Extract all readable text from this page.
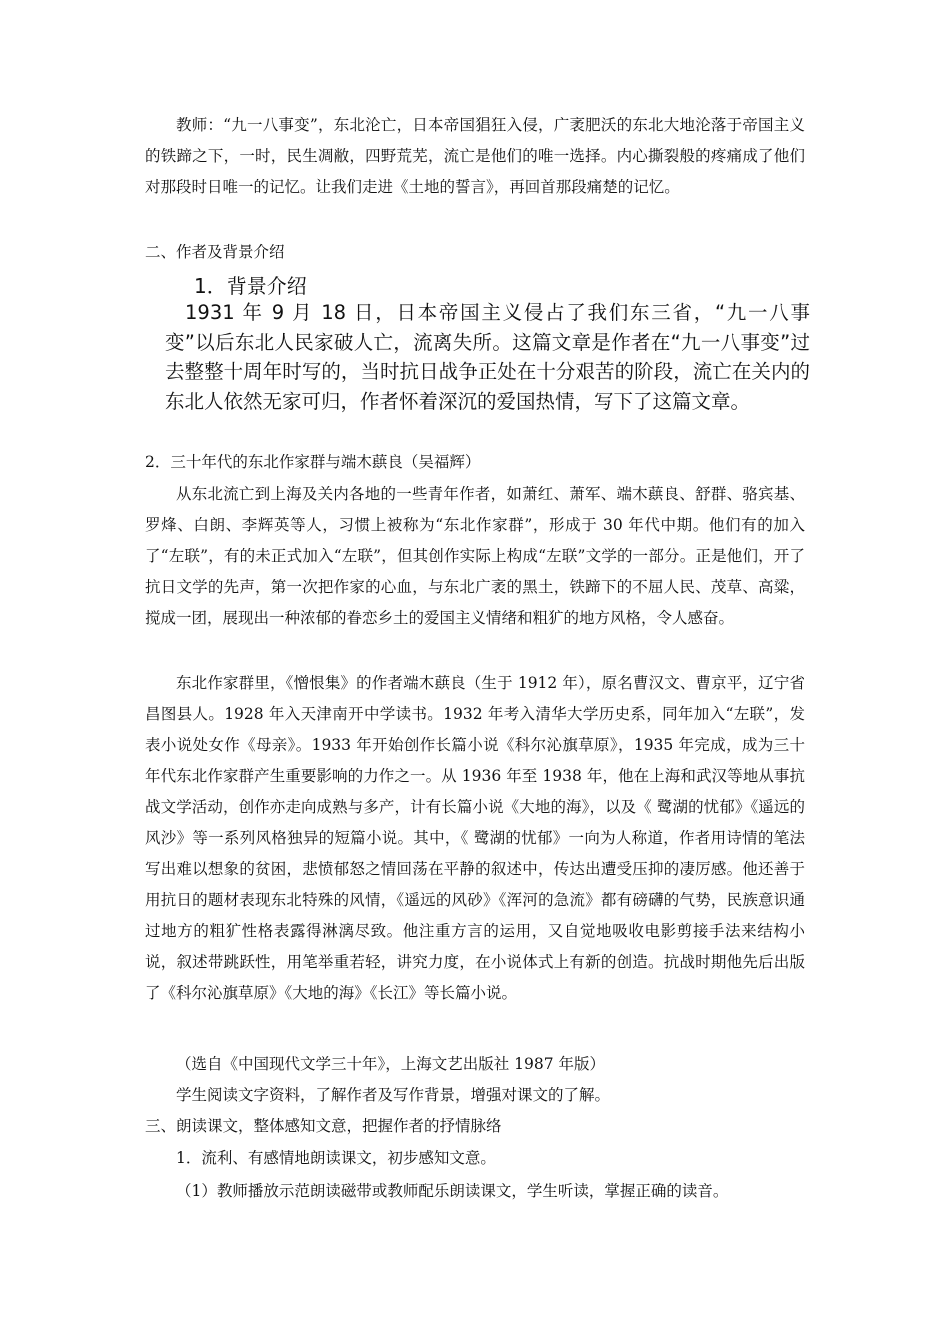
教师：“九一八事变”，东北沦亡，日本帝国猖狂入侵，广袤肥沃的东北大地沦落于帝国主义的铁蹄之下，一时，民生凋敝，四野荒芜，流亡是他们的唯一选择。内心撕裂般的疼痛成了他们对那段时日唯一的记忆。让我们走进《土地的誓言》，再回首那段痛楚的记忆。

二、作者及背景介绍

1．背景介绍

1931 年 9 月 18 日，日本帝国主义侵占了我们东三省，“九一八事变”以后东北人民家破人亡，流离失所。这篇文章是作者在“九一八事变”过去整整十周年时写的，当时抗日战争正处在十分艰苦的阶段，流亡在关内的东北人依然无家可归，作者怀着深沉的爱国热情，写下了这篇文章。

2．三十年代的东北作家群与端木蕻良（吴福辉）

从东北流亡到上海及关内各地的一些青年作者，如萧红、萧军、端木蕻良、舒群、骆宾基、罗烽、白朗、李辉英等人，习惯上被称为“东北作家群”，形成于 30 年代中期。他们有的加入了“左联”，有的未正式加入“左联”，但其创作实际上构成“左联”文学的一部分。正是他们，开了抗日文学的先声，第一次把作家的心血，与东北广袤的黑土，铁蹄下的不屈人民、茂草、高粱，搅成一团，展现出一种浓郁的眷恋乡土的爱国主义情绪和粗犷的地方风格，令人感奋。

东北作家群里，《憎恨集》的作者端木蕻良（生于 1912 年），原名曹汉文、曹京平，辽宁省昌图县人。1928 年入天津南开中学读书。1932 年考入清华大学历史系，同年加入“左联”，发表小说处女作《母亲》。1933 年开始创作长篇小说《科尔沁旗草原》，1935 年完成，成为三十年代东北作家群产生重要影响的力作之一。从 1936 年至 1938 年，他在上海和武汉等地从事抗战文学活动，创作亦走向成熟与多产，计有长篇小说《大地的海》，以及《 鹭湖的忧郁》《遥远的风沙》等一系列风格独异的短篇小说。其中，《 鹭湖的忧郁》一向为人称道，作者用诗情的笔法写出难以想象的贫困，悲愤郁怒之情回荡在平静的叙述中，传达出遭受压抑的凄厉感。他还善于用抗日的题材表现东北特殊的风情，《遥远的风砂》《浑河的急流》都有磅礴的气势，民族意识通过地方的粗犷性格表露得淋漓尽致。他注重方言的运用，又自觉地吸收电影剪接手法来结构小说，叙述带跳跃性，用笔举重若轻，讲究力度，在小说体式上有新的创造。抗战时期他先后出版了《科尔沁旗草原》《大地的海》《长江》等长篇小说。

（选自《中国现代文学三十年》，上海文艺出版社 1987 年版）

学生阅读文字资料，了解作者及写作背景，增强对课文的了解。

三、朗读课文，整体感知文意，把握作者的抒情脉络

1．流利、有感情地朗读课文，初步感知文意。

（1）教师播放示范朗读磁带或教师配乐朗读课文，学生听读，掌握正确的读音。
